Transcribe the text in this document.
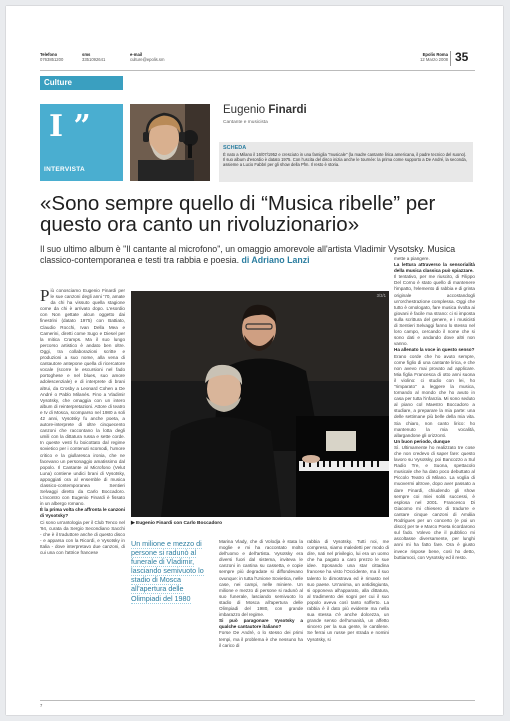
Telefono
0763851200
sms
3351092641
e-mail
culture@epolis.sm
Epolis Roma
12 Marzo 2008 35
Culture
I ”
INTERVISTA
Eugenio Finardi
Cantante e musicista
SCHEDA
È nato a Milano il 16/07/1952 e cresciuto in una famiglia "musicale" (la madre cantante lirica americana, il padre tecnico del suono). Il suo album d'esordio è datato 1975. Con l'uscita del disco inizia anche le tournée: la prima come supporto a De André, la seconda, assieme a Lucio Fabbri per gli show della Pfm. Il resto è storia.
«Sono sempre quello di “Musica ribelle” per questo ora canto un rivoluzionario»
Il suo ultimo album è "Il cantante al microfono", un omaggio amorevole all'artista Vladimir Vysotsky. Musica classico-contemporanea e testi tra rabbia e poesia. di Adriano Lanzi
Più conosciamo Eugenio Finardi per le sue canzoni degli anni '70, amate da chi ha vissuto quella stagione come da chi è arrivato dopo. L'esordio con Non gettate alcun oggetto dai finestrini (datato 1975) con Battiato, Claudio Rocchi, Ivan Della Mea e Camerini, diretti come Sugo e Diesel per la mitica Cramps. Ma il suo lungo percorso artistico è andato ben oltre. Oggi, tra collaborazioni scritte e produzioni a suo nome, alla vena di cantautore antepone quella di ricercatore vocale (scorre le escursioni nel fado portoghese e nel blues, suo amore adolescenziale) e di interprete di brani altrui, da Crosby a Leonard Cohen a De André o Pablo Milanés. Fino a Vladimir Vysotsky, che omaggia con un intero album di reinterpretazioni. Attore di teatro e tv di Mosca, scomparso nel 1980 a soli 42 anni, Vysotsky fu anche poeta, a autore-interprete di oltre cinquecento canzoni che raccontano la lotta degli umili con la dittatura russa e sette corde. In queste vesti fu boicottato dal regime sovietico per i contenuti scomodi, l'umore critico e la giullaresca ironia, che ne facevano un personaggio amatissimo dal popolo. Il Cantante al Microfono (Velut Luna) contiene undici brani di Vysotsky, appoggiati ora al ensemble di musica classico-contemporanea Sentieri Selvaggi diretto da Carlo Boccadoro. L'incontro con Eugenio Finardi è fissato in un albergo romano.
È la prima volta che affronta le canzoni di Vysotsky?
Ci sono un'antologia per il Club Tenco nel '94, curata da Sergio Secondiano Sacchi - che è il traduttore anche di questo disco - e apparsa con la Ricordi, e Vysotsky in Italia - dove interpretavo due canzoni, di cui una con l'attrice francese
3/3/1
▶ Eugenio Finardi con Carlo Boccadoro
Un milione e mezzo di persone si radunò al funerale di Vladimir, lasciando semivuoto lo stadio di Mosca all'apertura delle Olimpiadi del 1980
Marina Vlady, che di Volodja è stata la moglie e mi ha raccontato molto dell'uomo e dell'artista. Vysotsky era diversi fuori dal sistema, inviteva le canzoni in cantina su cassetta, e copie sempre più degradate si diffondevano ovunque: in tutta l'Unione Sovietica, nelle case, nei campi, nelle miniere. Un milione e mezzo di persone si radunò al suo funerale, lasciando semivuoto lo stadio di Mosca all'apertura delle Olimpiadi del 1980, con grande imbarazzo del regime.
Si può paragonare Vysotsky a qualche cantautore italiano?
Forse De André, o lo stesso dei primi tempi, ma il problema è che nessuno ha il carico di
rabbia di Vysotsky. Tutti noi, me compreso, siamo maledetti per modo di dire, nati nel privilegio, lui era un uomo che ha pagato a caro prezzo le sue idee. Sposando una star cittadina francese ha visto l'Occidente, ma il suo talento lo dimostrava ed è rimasto nel suo paese. Un'anima, un antidisgiunta, si opponeva all'apparato, alla dittatura, al tradimento dei sogni per cui il suo popolo aveva così tanto sofferto. La rabbia è il dato più evidente ma nella sua stessa c'è anche dolcezza, un grande senso dell'umanità, un affetto sincero per la sua gente, le cantilene. Se ferrai un russe per strada e nomini Vysotsky, si
mette a piangere.
La lettura attraverso la sensorialità della musica classica può spiazzare.
Il tentativo, per me riuscito, di Filippo Del Corno è stato quello di mantenere l'impatto, l'elemento di rabbia e di grinta originale accostandogli un'orchestrazione complessa. Oggi che tutto è omologato, fare musica rivolta ai giovani è facile ma strano: ci si imposta sulla scrittura del genere, e i musicisti di Sentieri Selvaggi fanno lo stesso nel loro campo, cercando il nome che si sono dati e andando dove altri non vanno.
Ha allenato la voce in questo senso?
Erano corde che ho avuto sempre, come figlio di una cantante lirica, e che non avevo mai provato ad applicare. Mia figlia Francesca di otto anni suona il violino: ci studio con lei, ho "rimparato" a leggere la musica, tornando al mondo che ho avuto in casa per tutta l'infanzia. Mi sono seduto al piano col Maestro Boccadoro a studiare, a preparare la mia parte: una delle settimane più belle della mia vita. Sia chiaro, non canto lirico: ho mantenuto la mia vocalità, allargandone gli orizzonti.
Un buon periodo, dunque
Sì. Ultimamente ho realizzato tre cose che non credevo di saper fare: questo lavoro su Vysotsky, poi Bancozzo a Sul Radio Tre, e Suona, spettacolo musicale che ha dato poco debuttato al Piccolo Teatro di Milano. La voglia di muovermi altrove, dopo aver passato a dare Finardi, chiudendo gli show sempre coi miei soliti successi, è esplosa nel 2001. Francesco Di Giacomo mi chiesero di tradurre e cantare cinque canzoni di Amália Rodrigues per un concerto (e poi un disco) per te e Marco Poeta ricordarono sul fado. Volevo che il pubblico mi ascoltasse diversamente, per lunghi anni mi ha fatto fare. Ora è giusto invece rispose bene, così ho detto, buttiamoci, con Vysotsky ed il resto.
7
